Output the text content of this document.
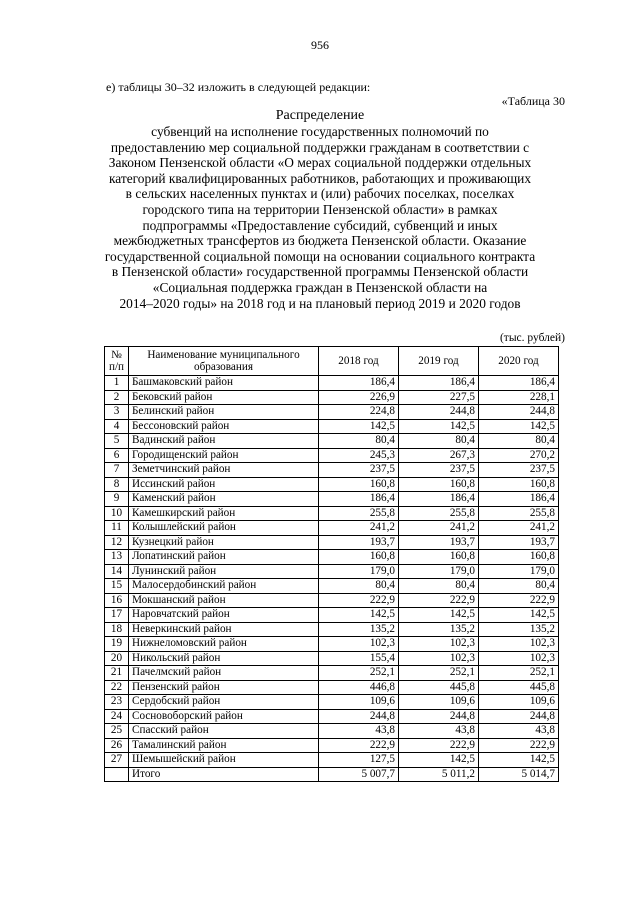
956
е) таблицы 30–32 изложить в следующей редакции:
«Таблица 30
Распределение
субвенций на исполнение государственных полномочий по
предоставлению мер социальной поддержки гражданам в соответствии с
Законом Пензенской области «О мерах социальной поддержки отдельных
категорий квалифицированных работников, работающих и проживающих
в сельских населенных пунктах и (или) рабочих поселках, поселках
городского типа на территории Пензенской области» в рамках
подпрограммы «Предоставление субсидий, субвенций и иных
межбюджетных трансфертов из бюджета Пензенской области. Оказание
государственной социальной помощи на основании социального контракта
в Пензенской области» государственной программы Пензенской области
«Социальная поддержка граждан в Пензенской области на
2014–2020 годы» на 2018 год и на плановый период 2019 и 2020 годов
(тыс. рублей)
№ п/п	Наименование муниципального образования	2018 год	2019 год	2020 год
1	Башмаковский район	186,4	186,4	186,4
2	Бековский район	226,9	227,5	228,1
3	Белинский район	224,8	244,8	244,8
4	Бессоновский район	142,5	142,5	142,5
5	Вадинский район	80,4	80,4	80,4
6	Городищенский район	245,3	267,3	270,2
7	Земетчинский район	237,5	237,5	237,5
8	Иссинский район	160,8	160,8	160,8
9	Каменский район	186,4	186,4	186,4
10	Камешкирский район	255,8	255,8	255,8
11	Колышлейский район	241,2	241,2	241,2
12	Кузнецкий район	193,7	193,7	193,7
13	Лопатинский район	160,8	160,8	160,8
14	Лунинский район	179,0	179,0	179,0
15	Малосердобинский район	80,4	80,4	80,4
16	Мокшанский район	222,9	222,9	222,9
17	Наровчатский район	142,5	142,5	142,5
18	Неверкинский район	135,2	135,2	135,2
19	Нижнеломовский район	102,3	102,3	102,3
20	Никольский район	155,4	102,3	102,3
21	Пачелмский район	252,1	252,1	252,1
22	Пензенский район	446,8	445,8	445,8
23	Сердобский район	109,6	109,6	109,6
24	Сосновоборский район	244,8	244,8	244,8
25	Спасский район	43,8	43,8	43,8
26	Тамалинский район	222,9	222,9	222,9
27	Шемышейский район	127,5	142,5	142,5
	Итого	5 007,7	5 011,2	5 014,7
